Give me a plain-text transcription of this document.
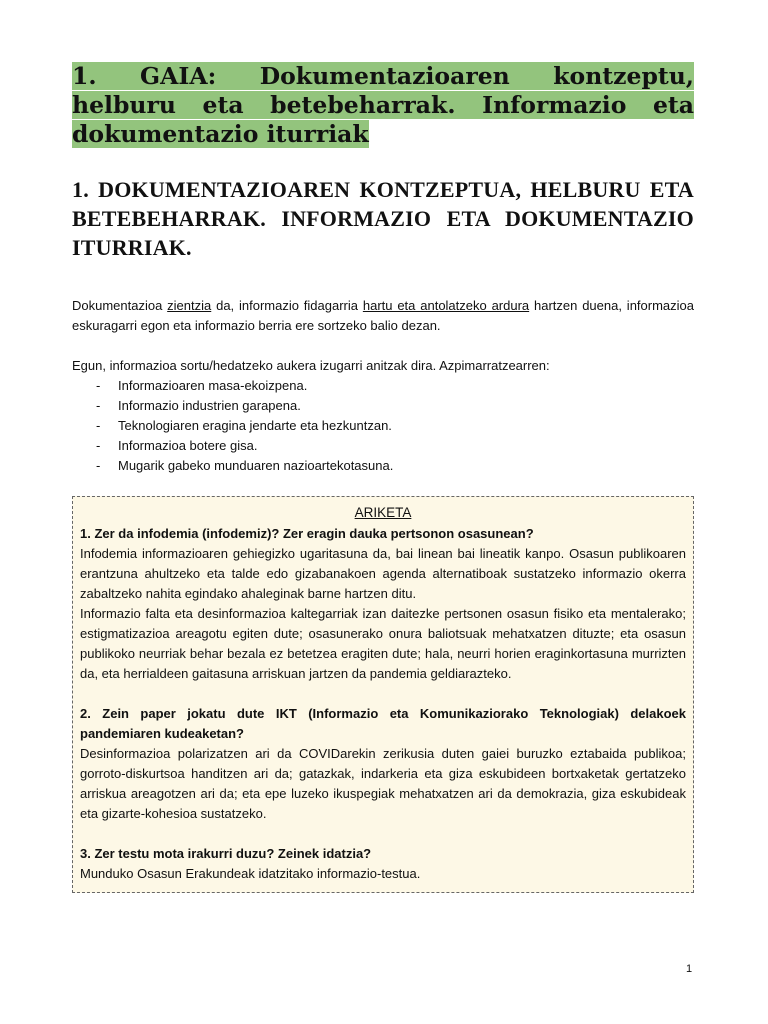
1. GAIA: Dokumentazioaren kontzeptu, helburu eta betebeharrak. Informazio eta dokumentazio iturriak
1. DOKUMENTAZIOAREN KONTZEPTUA, HELBURU ETA BETEBEHARRAK. INFORMAZIO ETA DOKUMENTAZIO ITURRIAK.

Dokumentazioa zientzia da, informazio fidagarria hartu eta antolatzeko ardura hartzen duena, informazioa eskuragarri egon eta informazio berria ere sortzeko balio dezan.

Egun, informazioa sortu/hedatzeko aukera izugarri anitzak dira. Azpimarratzearren:

- Informazioaren masa-ekoizpena.
- Informazio industrien garapena.
- Teknologiaren eragina jendarte eta hezkuntzan.
- Informazioa botere gisa.
- Mugarik gabeko munduaren nazioartekotasuna.
ARIKETA

1. Zer da infodemia (infodemiz)? Zer eragin dauka pertsonon osasunean?

Infodemia informazioaren gehiegizko ugaritasuna da, bai linean bai lineatik kanpo. Osasun publikoaren erantzuna ahultzeko eta talde edo gizabanakoen agenda alternatiboak sustatzeko informazio okerra zabaltzeko nahita egindako ahaleginak barne hartzen ditu.

Informazio falta eta desinformazioa kaltegarriak izan daitezke pertsonen osasun fisiko eta mentalerako; estigmatizazioa areagotu egiten dute; osasunerako onura baliotsuak mehatxatzen dituzte; eta osasun publikoko neurriak behar bezala ez betetzea eragiten dute; hala, neurri horien eraginkortasuna murrizten da, eta herrialdeen gaitasuna arriskuan jartzen da pandemia geldiarazteko.

2. Zein paper jokatu dute IKT (Informazio eta Komunikaziorako Teknologiak) delakoek pandemiaren kudeaketan?

Desinformazioa polarizatzen ari da COVIDarekin zerikusia duten gaiei buruzko eztabaida publikoa; gorroto-diskurtsoa handitzen ari da; gatazkak, indarkeria eta giza eskubideen bortxaketak gertatzeko arriskua areagotzen ari da; eta epe luzeko ikuspegiak mehatxatzen ari da demokrazia, giza eskubideak eta gizarte-kohesioa sustatzeko.

3. Zer testu mota irakurri duzu? Zeinek idatzia?

Munduko Osasun Erakundeak idatzitako informazio-testua.

1
